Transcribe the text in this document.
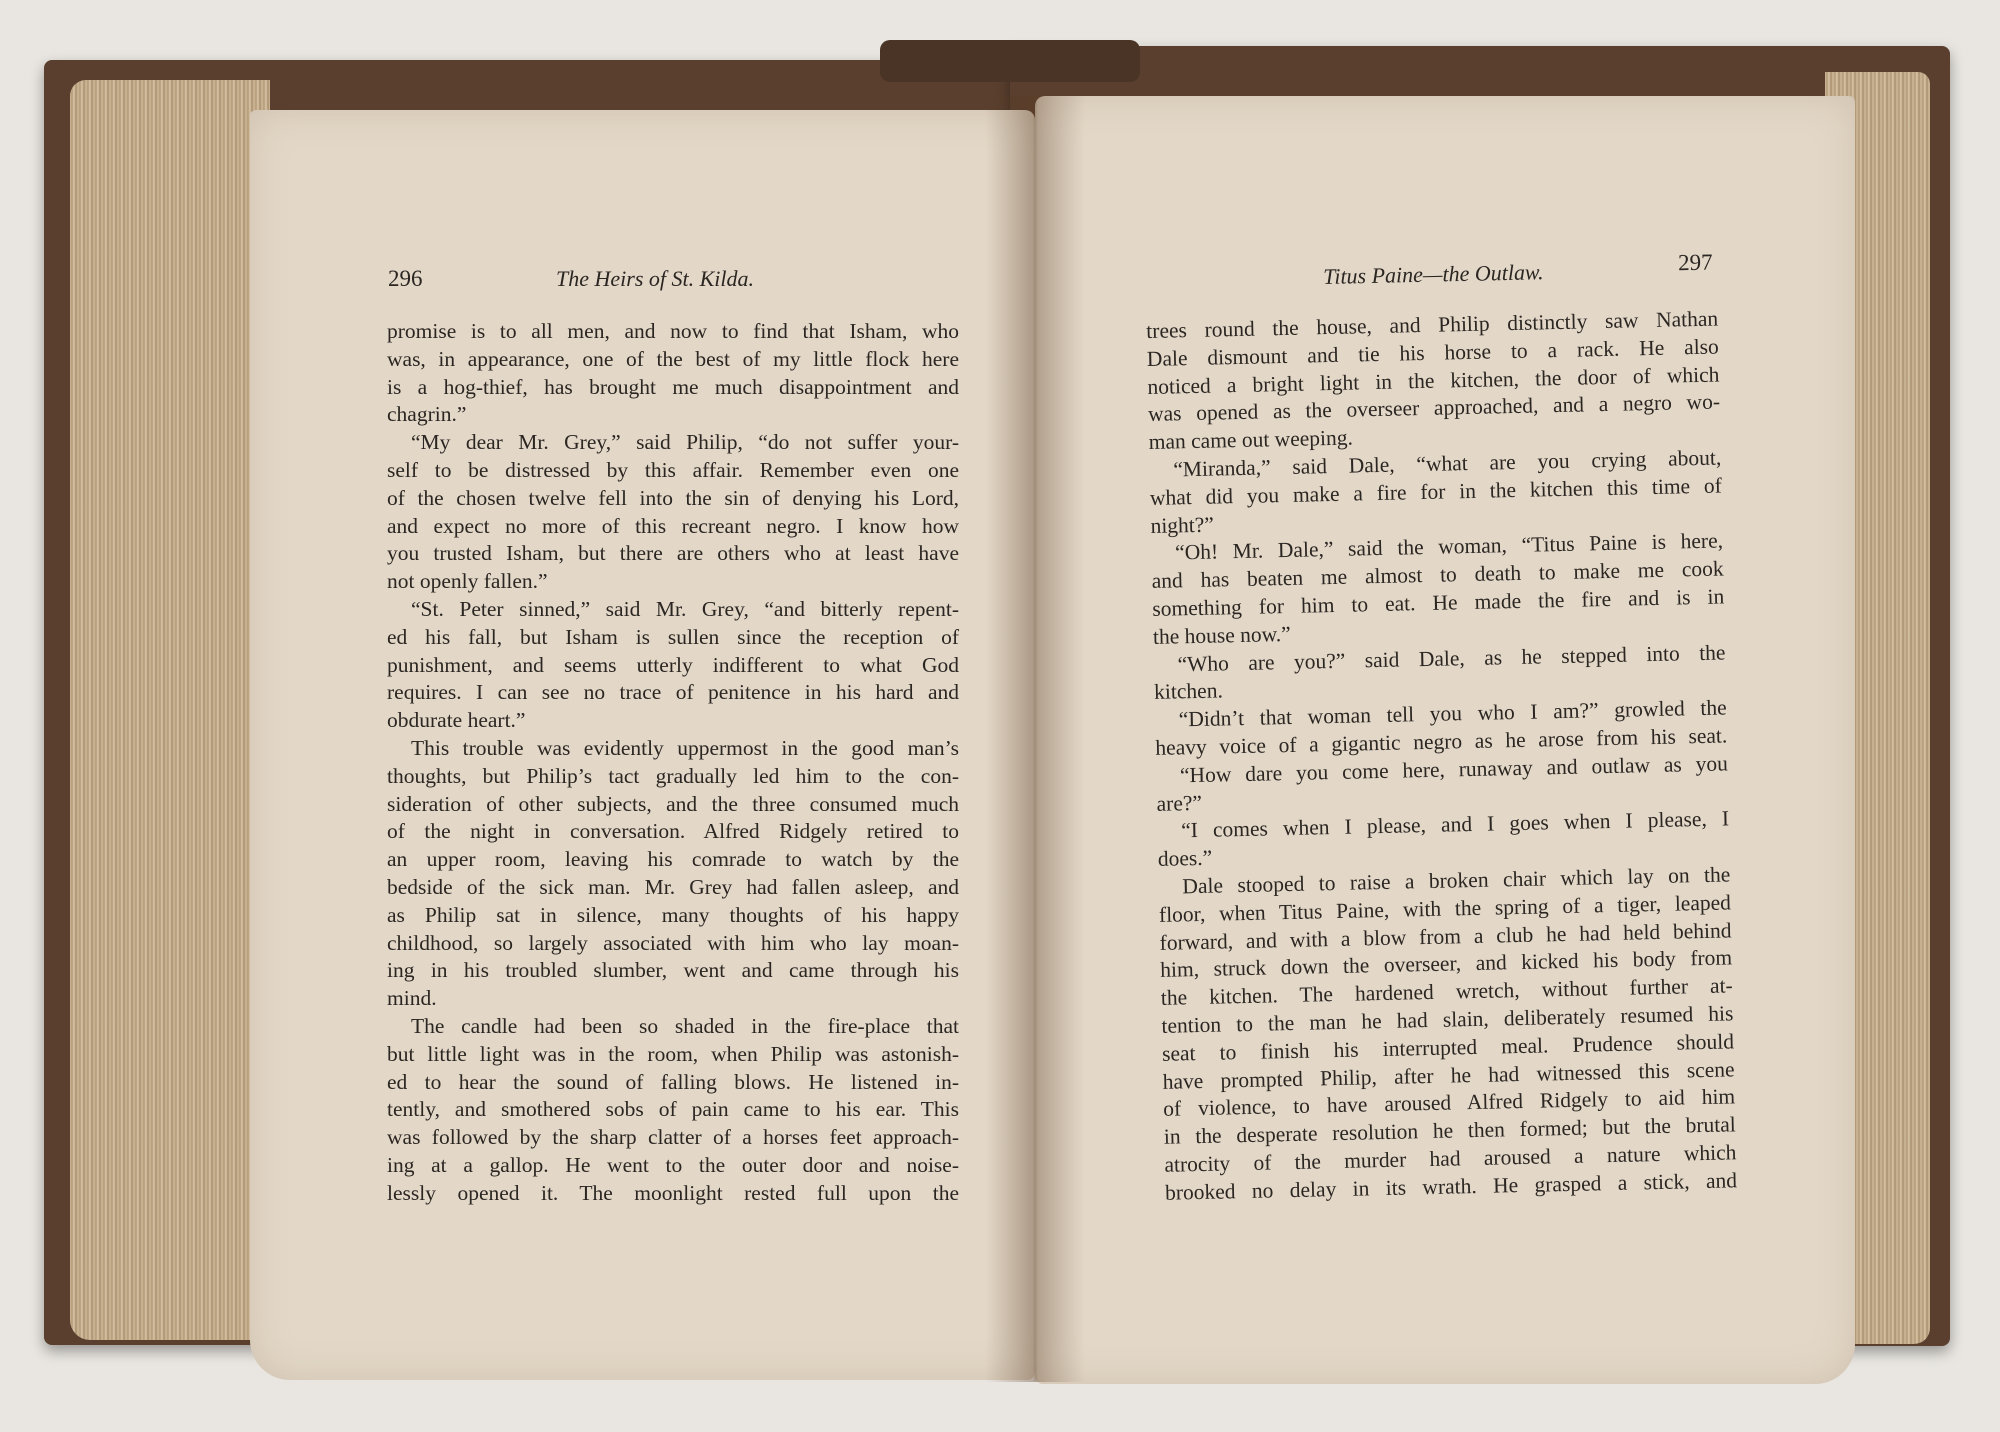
296	The Heirs of St. Kilda.

promise is to all men, and now to find that Isham, who

was, in appearance, one of the best of my little flock here

is a hog-thief, has brought me much disappointment and

chagrin.”

“My dear Mr. Grey,” said Philip, “do not suffer your-

self to be distressed by this affair. Remember even one

of the chosen twelve fell into the sin of denying his Lord,

and expect no more of this recreant negro. I know how

you trusted Isham, but there are others who at least have

not openly fallen.”

“St. Peter sinned,” said Mr. Grey, “and bitterly repent-

ed his fall, but Isham is sullen since the reception of

punishment, and seems utterly indifferent to what God

requires. I can see no trace of penitence in his hard and

obdurate heart.”

This trouble was evidently uppermost in the good man’s

thoughts, but Philip’s tact gradually led him to the con-

sideration of other subjects, and the three consumed much

of the night in conversation. Alfred Ridgely retired to

an upper room, leaving his comrade to watch by the

bedside of the sick man. Mr. Grey had fallen asleep, and

as Philip sat in silence, many thoughts of his happy

childhood, so largely associated with him who lay moan-

ing in his troubled slumber, went and came through his

mind.

The candle had been so shaded in the fire-place that

but little light was in the room, when Philip was astonish-

ed to hear the sound of falling blows. He listened in-

tently, and smothered sobs of pain came to his ear. This

was followed by the sharp clatter of a horses feet approach-

ing at a gallop. He went to the outer door and noise-

lessly opened it. The moonlight rested full upon the

Titus Paine—the Outlaw.	297

trees round the house, and Philip distinctly saw Nathan

Dale dismount and tie his horse to a rack. He also

noticed a bright light in the kitchen, the door of which

was opened as the overseer approached, and a negro wo-

man came out weeping.

“Miranda,” said Dale, “what are you crying about,

what did you make a fire for in the kitchen this time of

night?”

“Oh! Mr. Dale,” said the woman, “Titus Paine is here,

and has beaten me almost to death to make me cook

something for him to eat. He made the fire and is in

the house now.”

“Who are you?” said Dale, as he stepped into the

kitchen.

“Didn’t that woman tell you who I am?” growled the

heavy voice of a gigantic negro as he arose from his seat.

“How dare you come here, runaway and outlaw as you

are?”

“I comes when I please, and I goes when I please, I

does.”

Dale stooped to raise a broken chair which lay on the

floor, when Titus Paine, with the spring of a tiger, leaped

forward, and with a blow from a club he had held behind

him, struck down the overseer, and kicked his body from

the kitchen. The hardened wretch, without further at-

tention to the man he had slain, deliberately resumed his

seat to finish his interrupted meal. Prudence should

have prompted Philip, after he had witnessed this scene

of violence, to have aroused Alfred Ridgely to aid him

in the desperate resolution he then formed; but the brutal

atrocity of the murder had aroused a nature which

brooked no delay in its wrath. He grasped a stick, and
